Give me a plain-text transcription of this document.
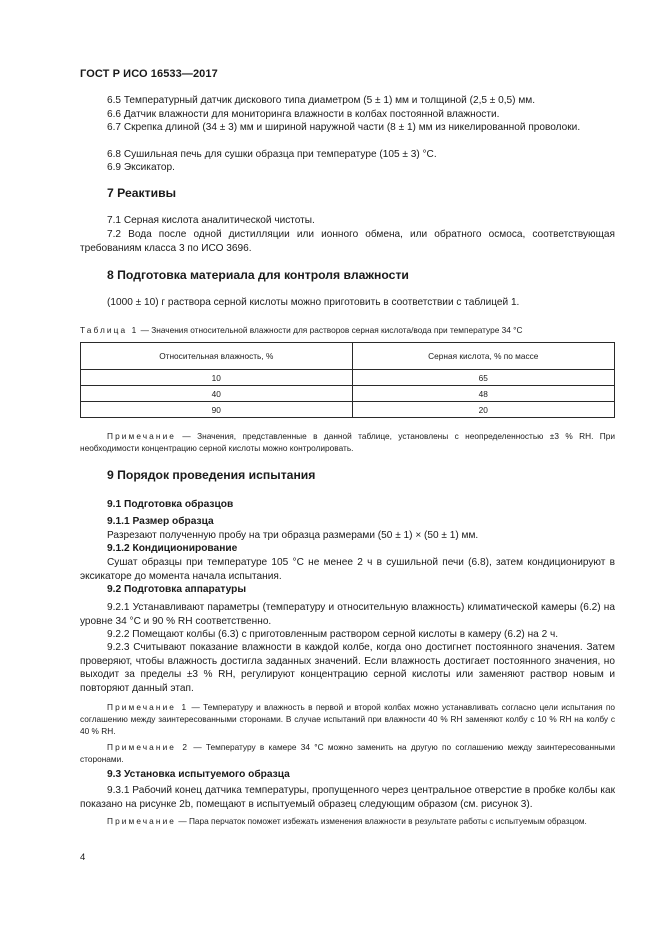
ГОСТ Р ИСО 16533—2017
6.5 Температурный датчик дискового типа диаметром (5 ± 1) мм и толщиной (2,5 ± 0,5) мм.
6.6 Датчик влажности для мониторинга влажности в колбах постоянной влажности.
6.7 Скрепка длиной (34 ± 3) мм и шириной наружной части (8 ± 1) мм из никелированной проволоки.
6.8 Сушильная печь для сушки образца при температуре (105 ± 3) °С.
6.9 Эксикатор.
7 Реактивы
7.1 Серная кислота аналитической чистоты.
7.2 Вода после одной дистилляции или ионного обмена, или обратного осмоса, соответствующая требованиям класса 3 по ИСО 3696.
8 Подготовка материала для контроля влажности
(1000 ± 10) г раствора серной кислоты можно приготовить в соответствии с таблицей 1.
Таблица 1 — Значения относительной влажности для растворов серная кислота/вода при температуре 34 °С
Относительная влажность, %	Серная кислота, % по массе
10	65
40	48
90	20
Примечание — Значения, представленные в данной таблице, установлены с неопределенностью ±3 % RH. При необходимости концентрацию серной кислоты можно контролировать.
9 Порядок проведения испытания
9.1 Подготовка образцов
9.1.1 Размер образца
Разрезают полученную пробу на три образца размерами (50 ± 1) × (50 ± 1) мм.
9.1.2 Кондиционирование
Сушат образцы при температуре 105 °С не менее 2 ч в сушильной печи (6.8), затем кондиционируют в эксикаторе до момента начала испытания.
9.2 Подготовка аппаратуры
9.2.1 Устанавливают параметры (температуру и относительную влажность) климатической камеры (6.2) на уровне 34 °С и 90 % RH соответственно.
9.2.2 Помещают колбы (6.3) с приготовленным раствором серной кислоты в камеру (6.2) на 2 ч.
9.2.3 Считывают показание влажности в каждой колбе, когда оно достигнет постоянного значения. Затем проверяют, чтобы влажность достигла заданных значений. Если влажность достигает постоянного значения, но выходит за пределы ±3 % RH, регулируют концентрацию серной кислоты или заменяют раствор новым и повторяют данный этап.
Примечание 1 — Температуру и влажность в первой и второй колбах можно устанавливать согласно цели испытания по соглашению между заинтересованными сторонами. В случае испытаний при влажности 40 % RH заменяют колбу с 10 % RH на колбу с 40 % RH.
Примечание 2 — Температуру в камере 34 °С можно заменить на другую по соглашению между заинтересованными сторонами.
9.3 Установка испытуемого образца
9.3.1 Рабочий конец датчика температуры, пропущенного через центральное отверстие в пробке колбы как показано на рисунке 2b, помещают в испытуемый образец следующим образом (см. рисунок 3).
Примечание — Пара перчаток поможет избежать изменения влажности в результате работы с испытуемым образцом.
4
